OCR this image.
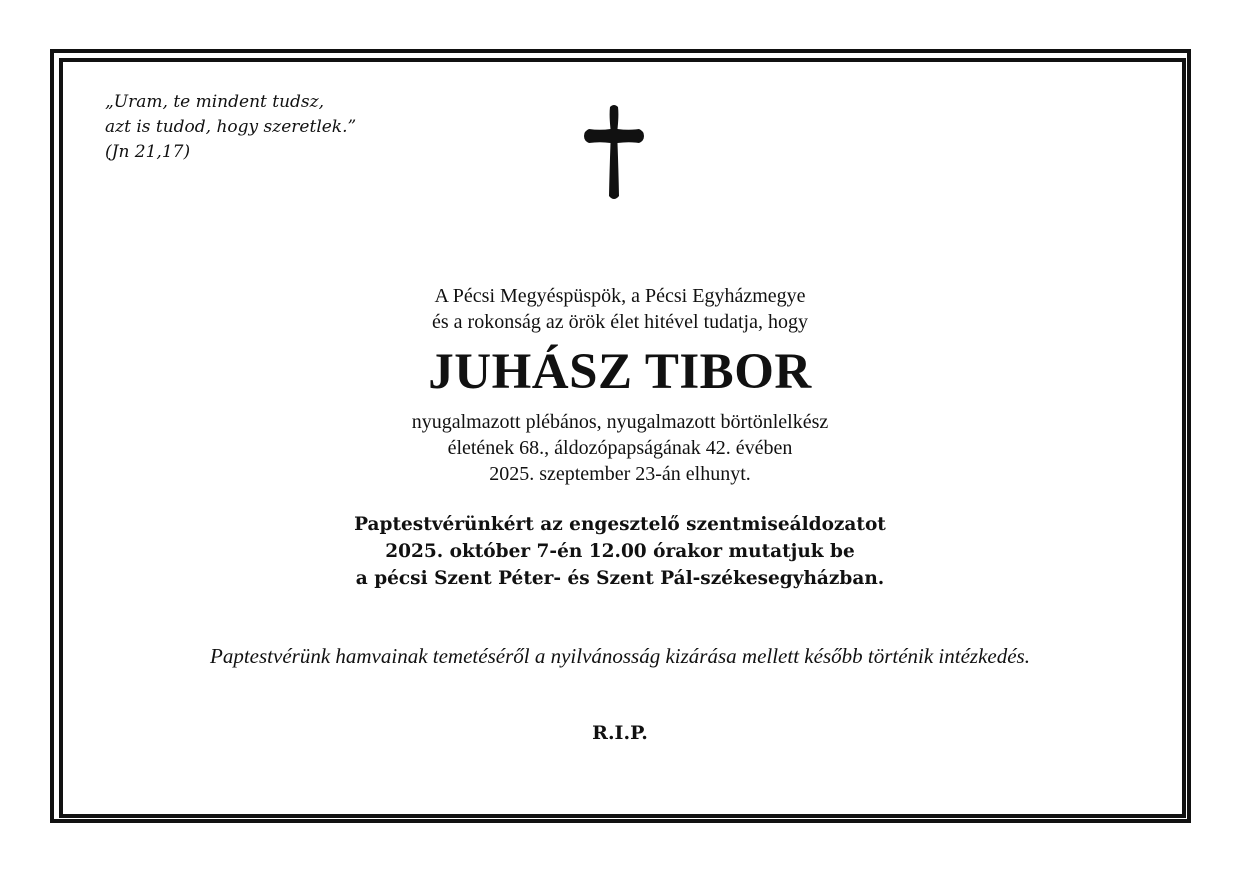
„Uram, te mindent tudsz,
azt is tudod, hogy szeretlek.”
(Jn 21,17)
A Pécsi Megyéspüspök, a Pécsi Egyházmegye
és a rokonság az örök élet hitével tudatja, hogy
JUHÁSZ TIBOR
nyugalmazott plébános, nyugalmazott börtönlelkész
életének 68., áldozópapságának 42. évében
2025. szeptember 23-án elhunyt.
Paptestvérünkért az engesztelő szentmiseáldozatot
2025. október 7-én 12.00 órakor mutatjuk be
a pécsi Szent Péter- és Szent Pál-székesegyházban.
Paptestvérünk hamvainak temetéséről a nyilvánosság kizárása mellett később történik intézkedés.
R.I.P.
